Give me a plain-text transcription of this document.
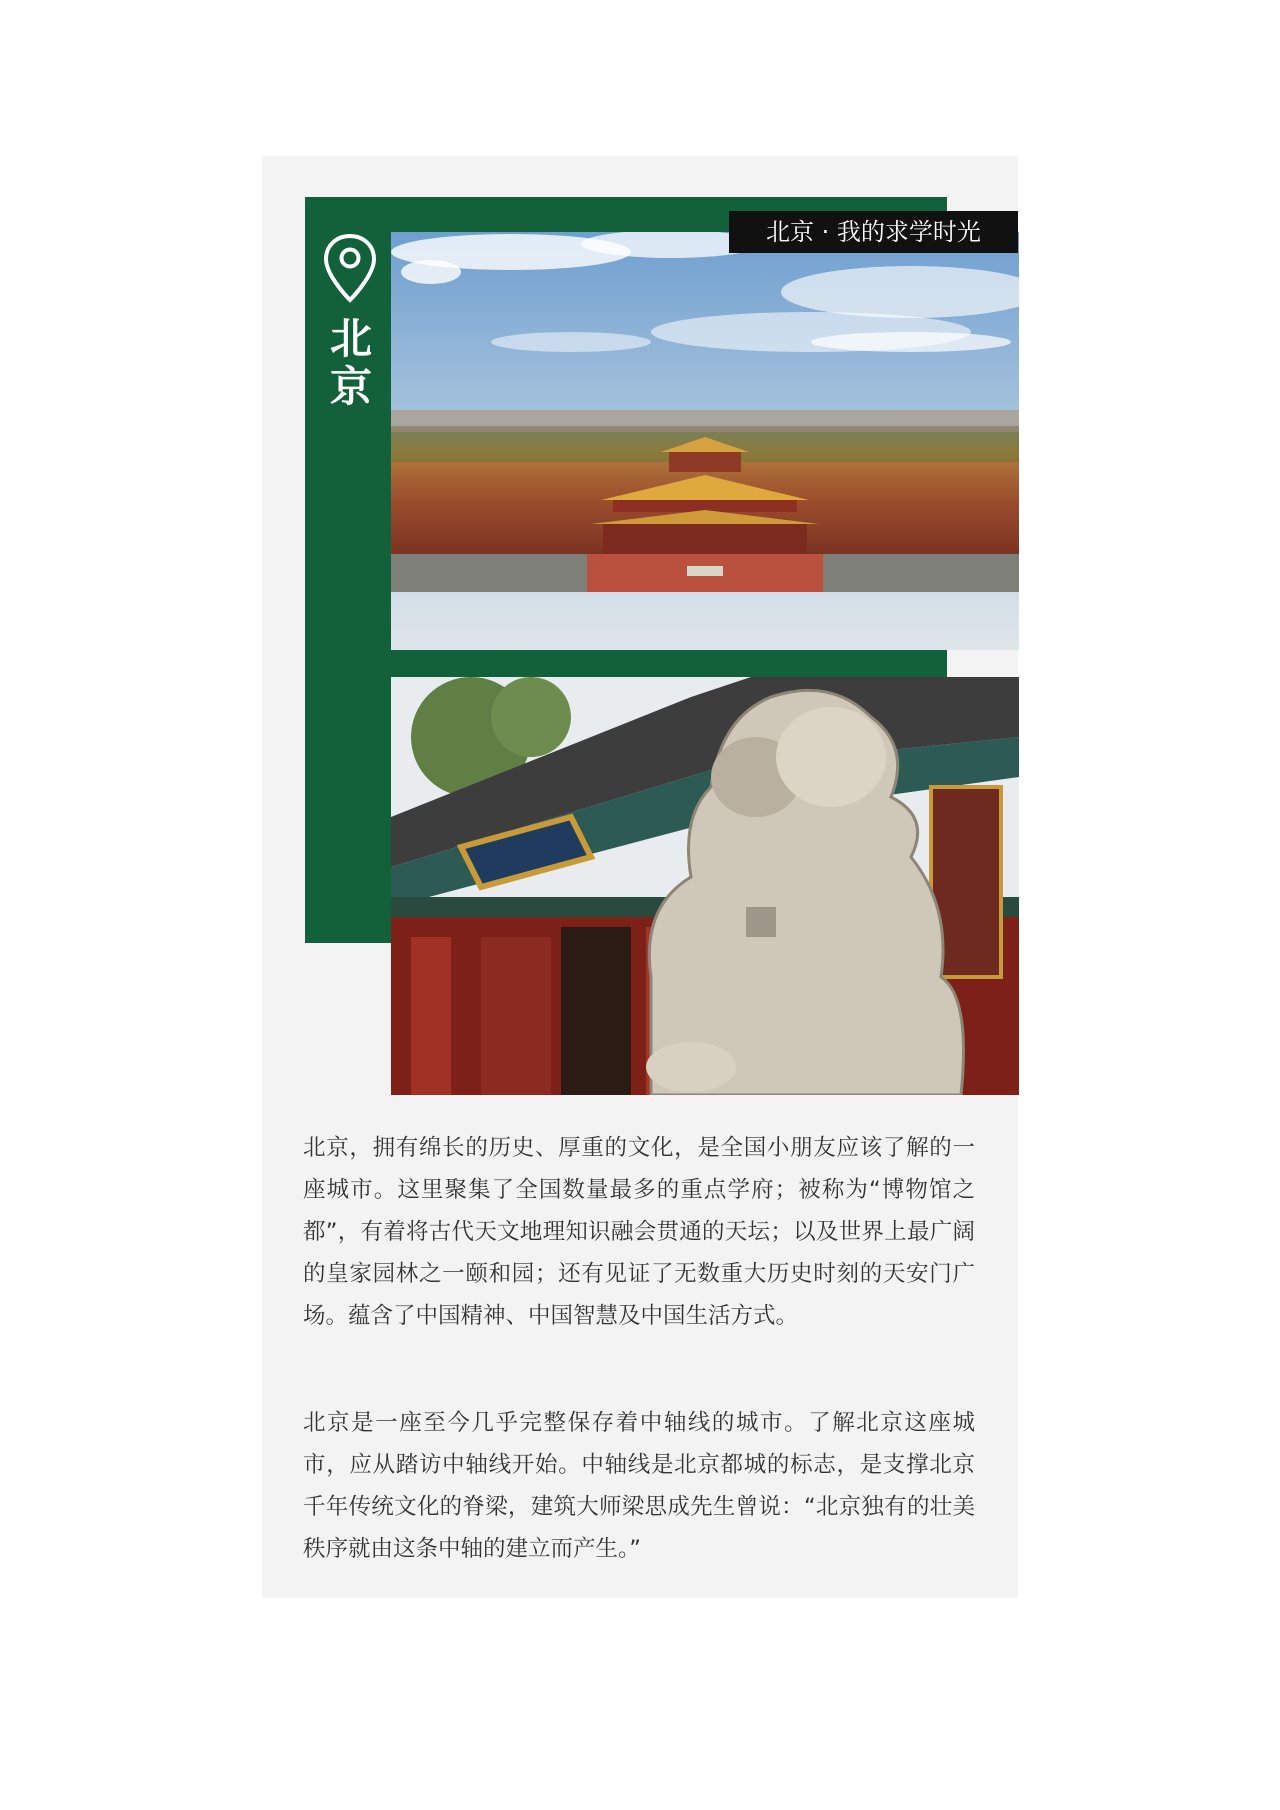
北京
北京 · 我的求学时光

北京，拥有绵长的历史、厚重的文化，是全国小朋友应该了解的一座城市。这里聚集了全国数量最多的重点学府；被称为“博物馆之都”，有着将古代天文地理知识融会贯通的天坛；以及世界上最广阔的皇家园林之一颐和园；还有见证了无数重大历史时刻的天安门广场。蕴含了中国精神、中国智慧及中国生活方式。

北京是一座至今几乎完整保存着中轴线的城市。了解北京这座城市，应从踏访中轴线开始。中轴线是北京都城的标志，是支撑北京千年传统文化的脊梁，建筑大师梁思成先生曾说：“北京独有的壮美秩序就由这条中轴的建立而产生。”
